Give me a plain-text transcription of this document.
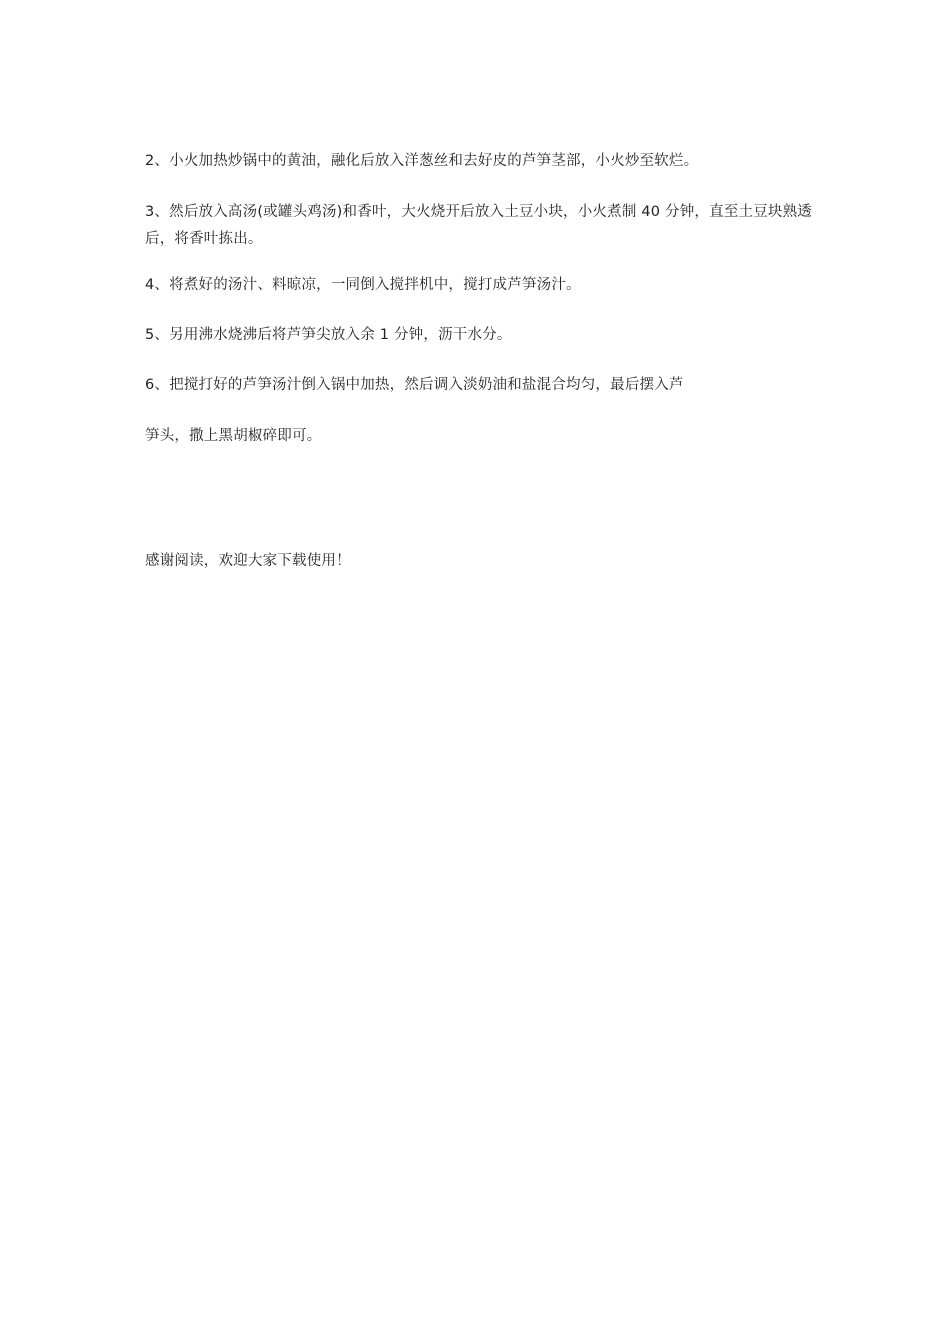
2、小火加热炒锅中的黄油，融化后放入洋葱丝和去好皮的芦笋茎部，小火炒至软烂。

3、然后放入高汤(或罐头鸡汤)和香叶，大火烧开后放入土豆小块，小火煮制 40 分钟，直至土豆块熟透后，将香叶拣出。

4、将煮好的汤汁、料晾凉，一同倒入搅拌机中，搅打成芦笋汤汁。

5、另用沸水烧沸后将芦笋尖放入余 1 分钟，沥干水分。

6、把搅打好的芦笋汤汁倒入锅中加热，然后调入淡奶油和盐混合均匀，最后摆入芦

笋头，撒上黑胡椒碎即可。

感谢阅读，欢迎大家下载使用！
